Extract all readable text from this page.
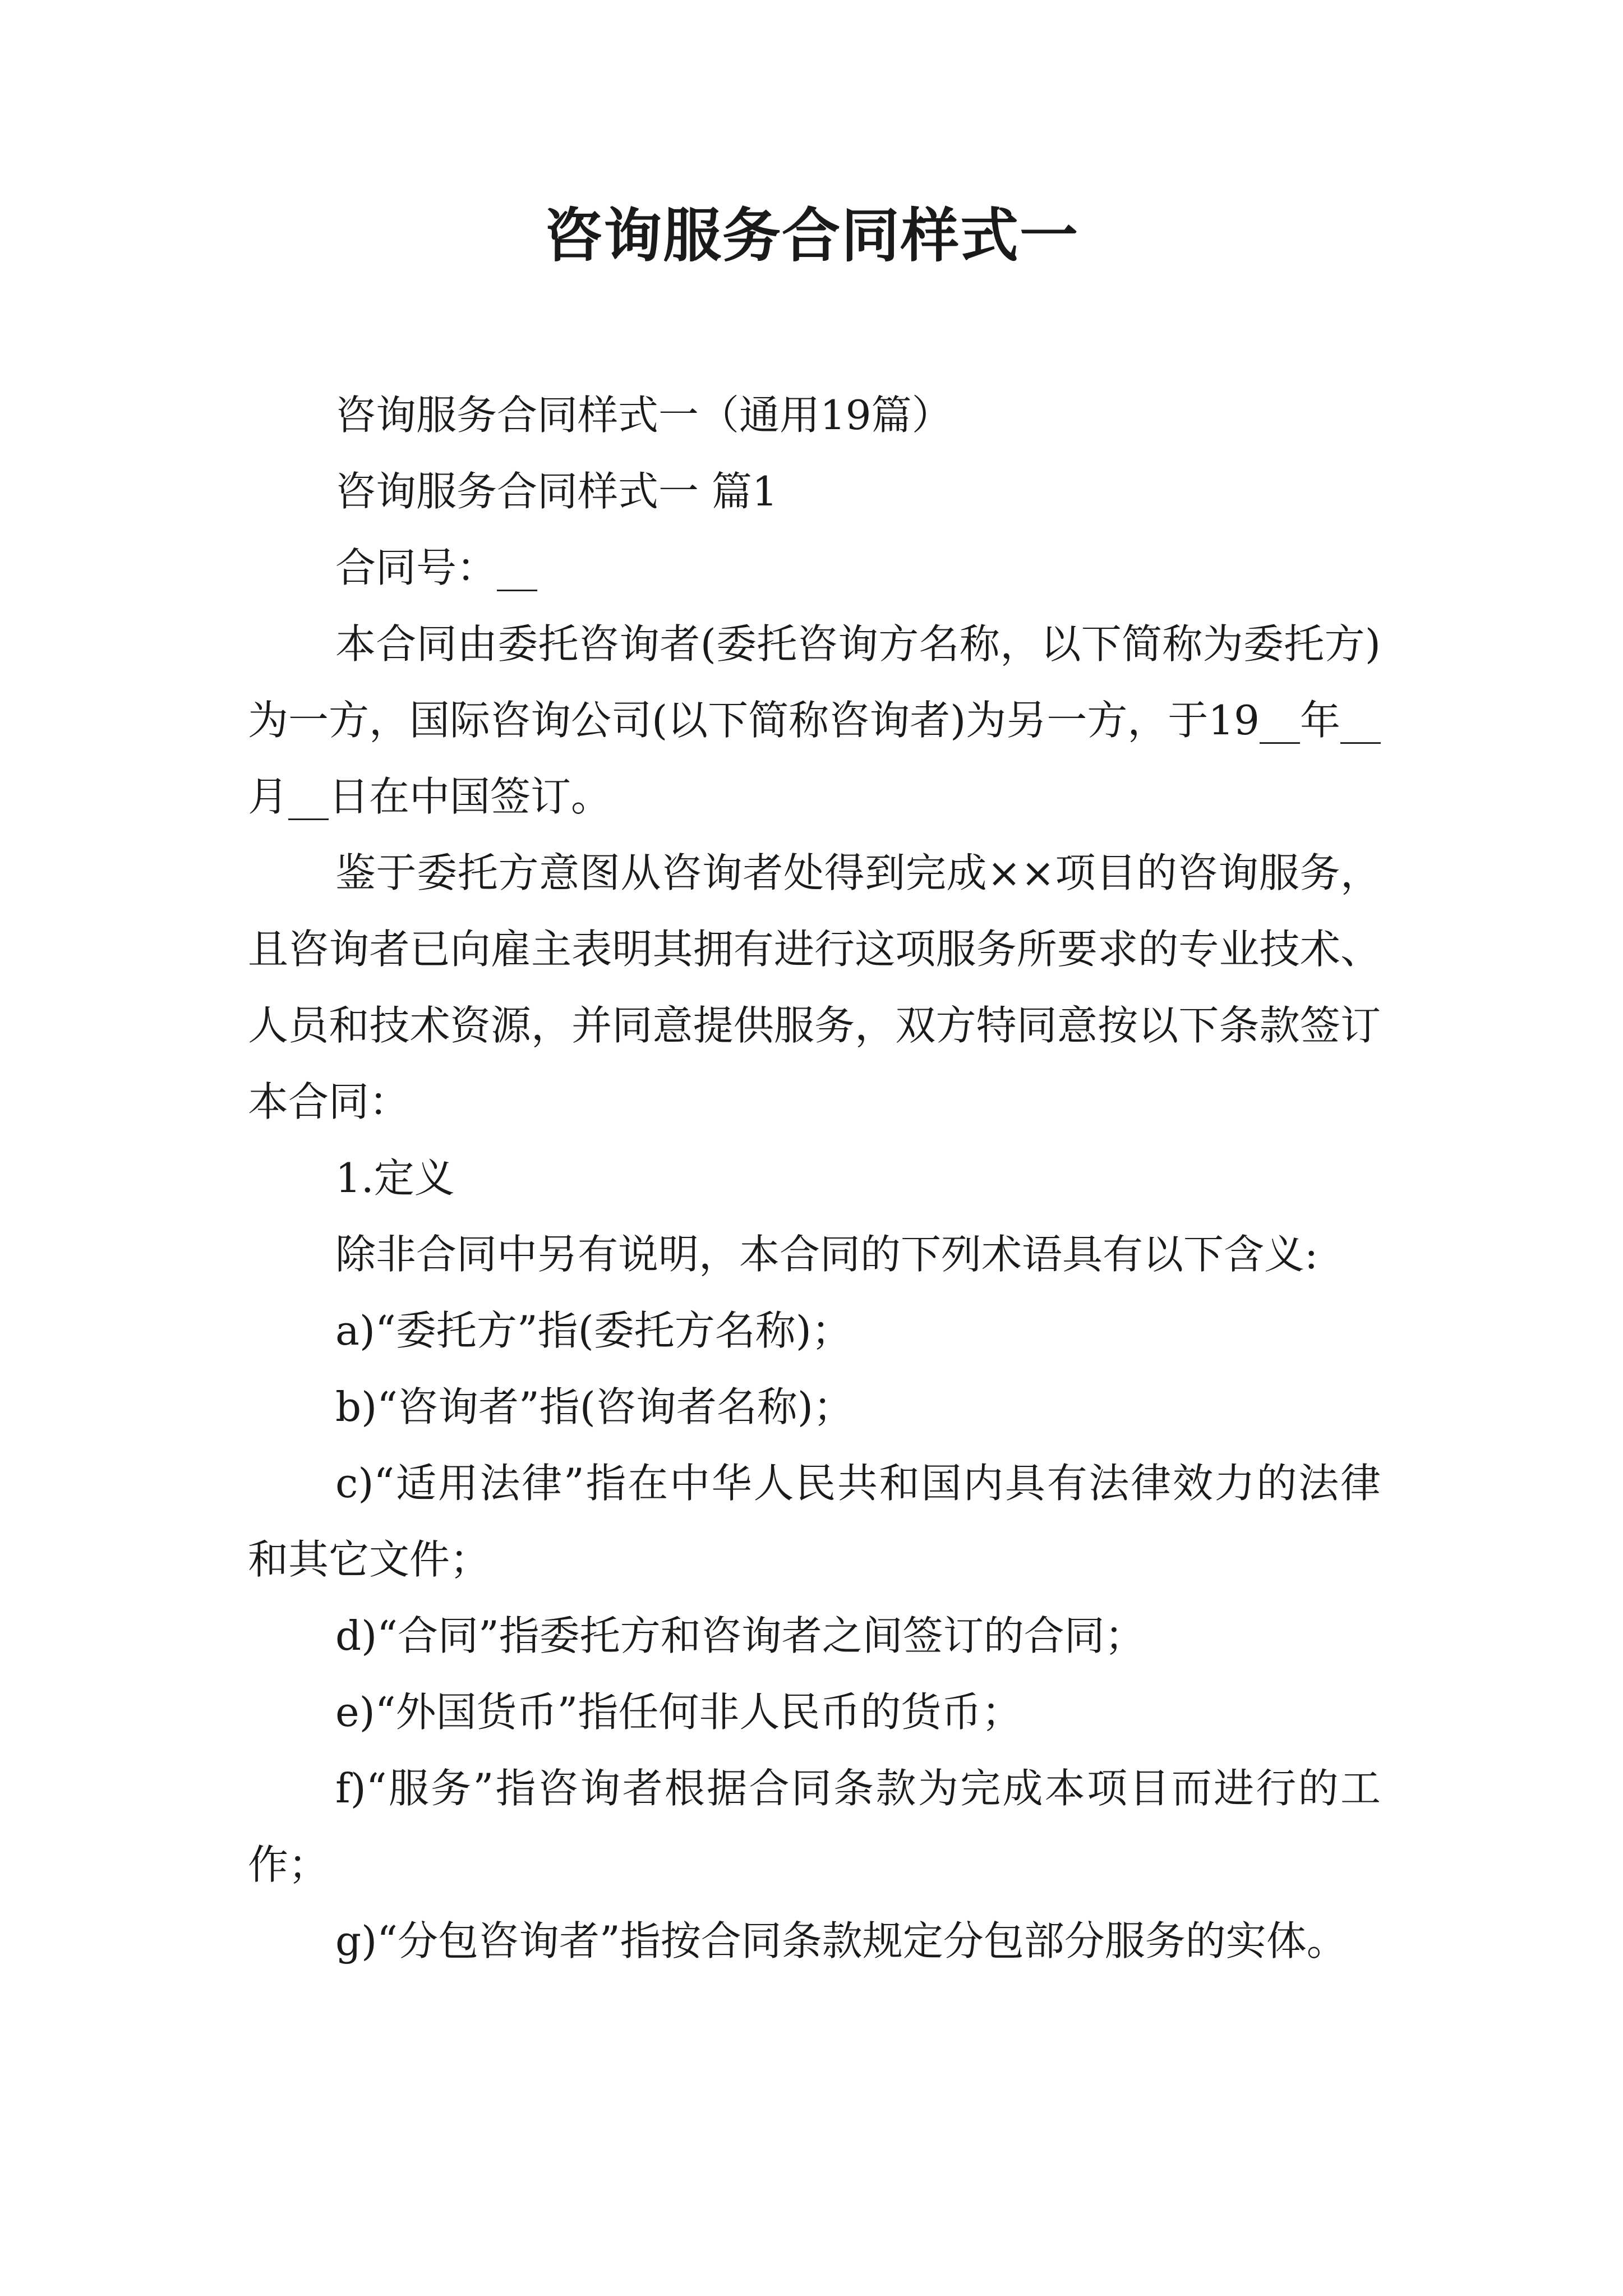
咨询服务合同样式一

咨询服务合同样式一（通用19篇）

咨询服务合同样式一 篇1

合同号：__

本合同由委托咨询者(委托咨询方名称，以下简称为委托方)为一方，国际咨询公司(以下简称咨询者)为另一方，于19__年__月__日在中国签订。

鉴于委托方意图从咨询者处得到完成××项目的咨询服务，且咨询者已向雇主表明其拥有进行这项服务所要求的专业技术、人员和技术资源，并同意提供服务，双方特同意按以下条款签订本合同：

1.定义

除非合同中另有说明，本合同的下列术语具有以下含义:

a)“委托方”指(委托方名称)；

b)“咨询者”指(咨询者名称)；

c)“适用法律”指在中华人民共和国内具有法律效力的法律和其它文件；

d)“合同”指委托方和咨询者之间签订的合同；

e)“外国货币”指任何非人民币的货币；

f)“服务”指咨询者根据合同条款为完成本项目而进行的工作；

g)“分包咨询者”指按合同条款规定分包部分服务的实体。
